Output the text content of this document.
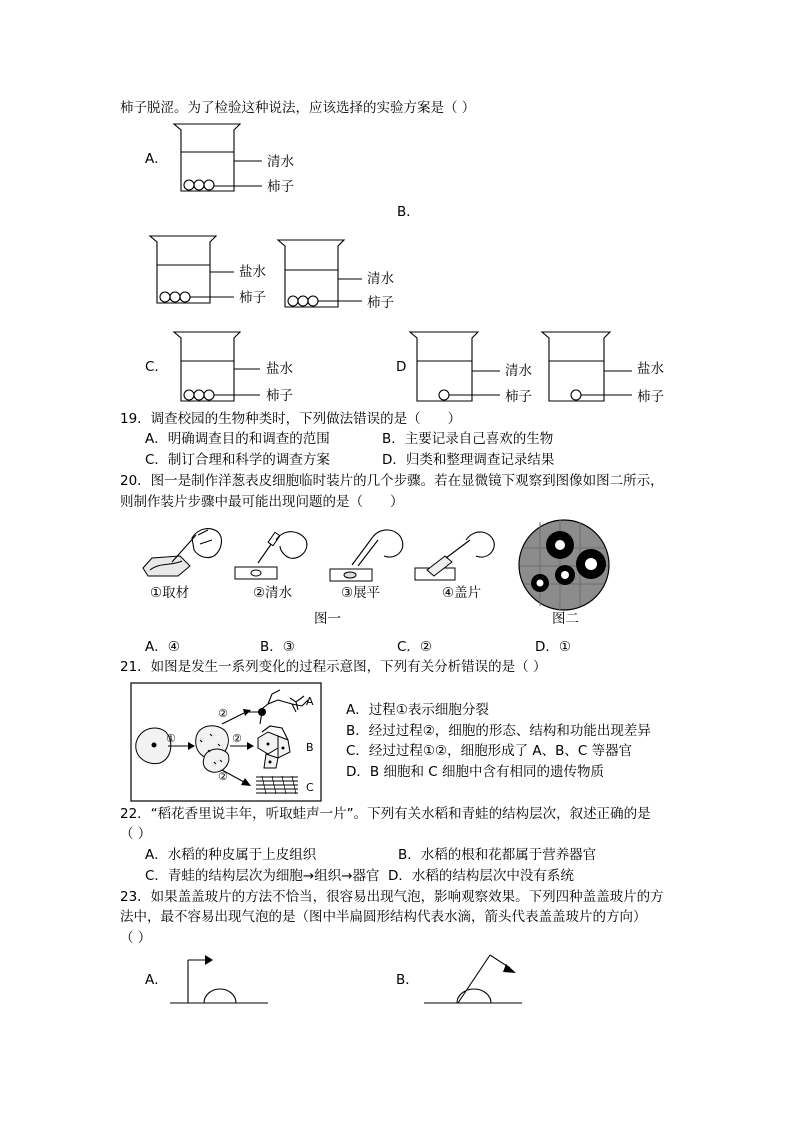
柿子脱涩。为了检验这种说法，应该选择的实验方案是（ ）
A．	清水
柿子
B．
盐水
柿子
清水
柿子
C．	盐水
柿子
D	清水
柿子
盐水
柿子
19．调查校园的生物种类时，下列做法错误的是（　　）
A．明确调查目的和调查的范围	B．主要记录自己喜欢的生物
C．制订合理和科学的调查方案	D．归类和整理调查记录结果
20．图一是制作洋葱表皮细胞临时装片的几个步骤。若在显微镜下观察到图像如图二所示，
则制作装片步骤中最可能出现问题的是（　　）
①取材	②清水	③展平	④盖片
图一	图二
A．④	B．③	C．②	D．①
21．如图是发生一系列变化的过程示意图，下列有关分析错误的是（ ）
①
②
②
②
A
B
C
A．过程①表示细胞分裂
B．经过过程②，细胞的形态、结构和功能出现差异
C．经过过程①②，细胞形成了 A、B、C 等器官
D．B 细胞和 C 细胞中含有相同的遗传物质
22．“稻花香里说丰年，听取蛙声一片”。下列有关水稻和青蛙的结构层次，叙述正确的是
（ ）
A．水稻的种皮属于上皮组织	B．水稻的根和花都属于营养器官
C．青蛙的结构层次为细胞→组织→器官 D．水稻的结构层次中没有系统
23．如果盖盖玻片的方法不恰当，很容易出现气泡，影响观察效果。下列四种盖盖玻片的方
法中，最不容易出现气泡的是（图中半扁圆形结构代表水滴，箭头代表盖盖玻片的方向）
（ ）
A．	B．
